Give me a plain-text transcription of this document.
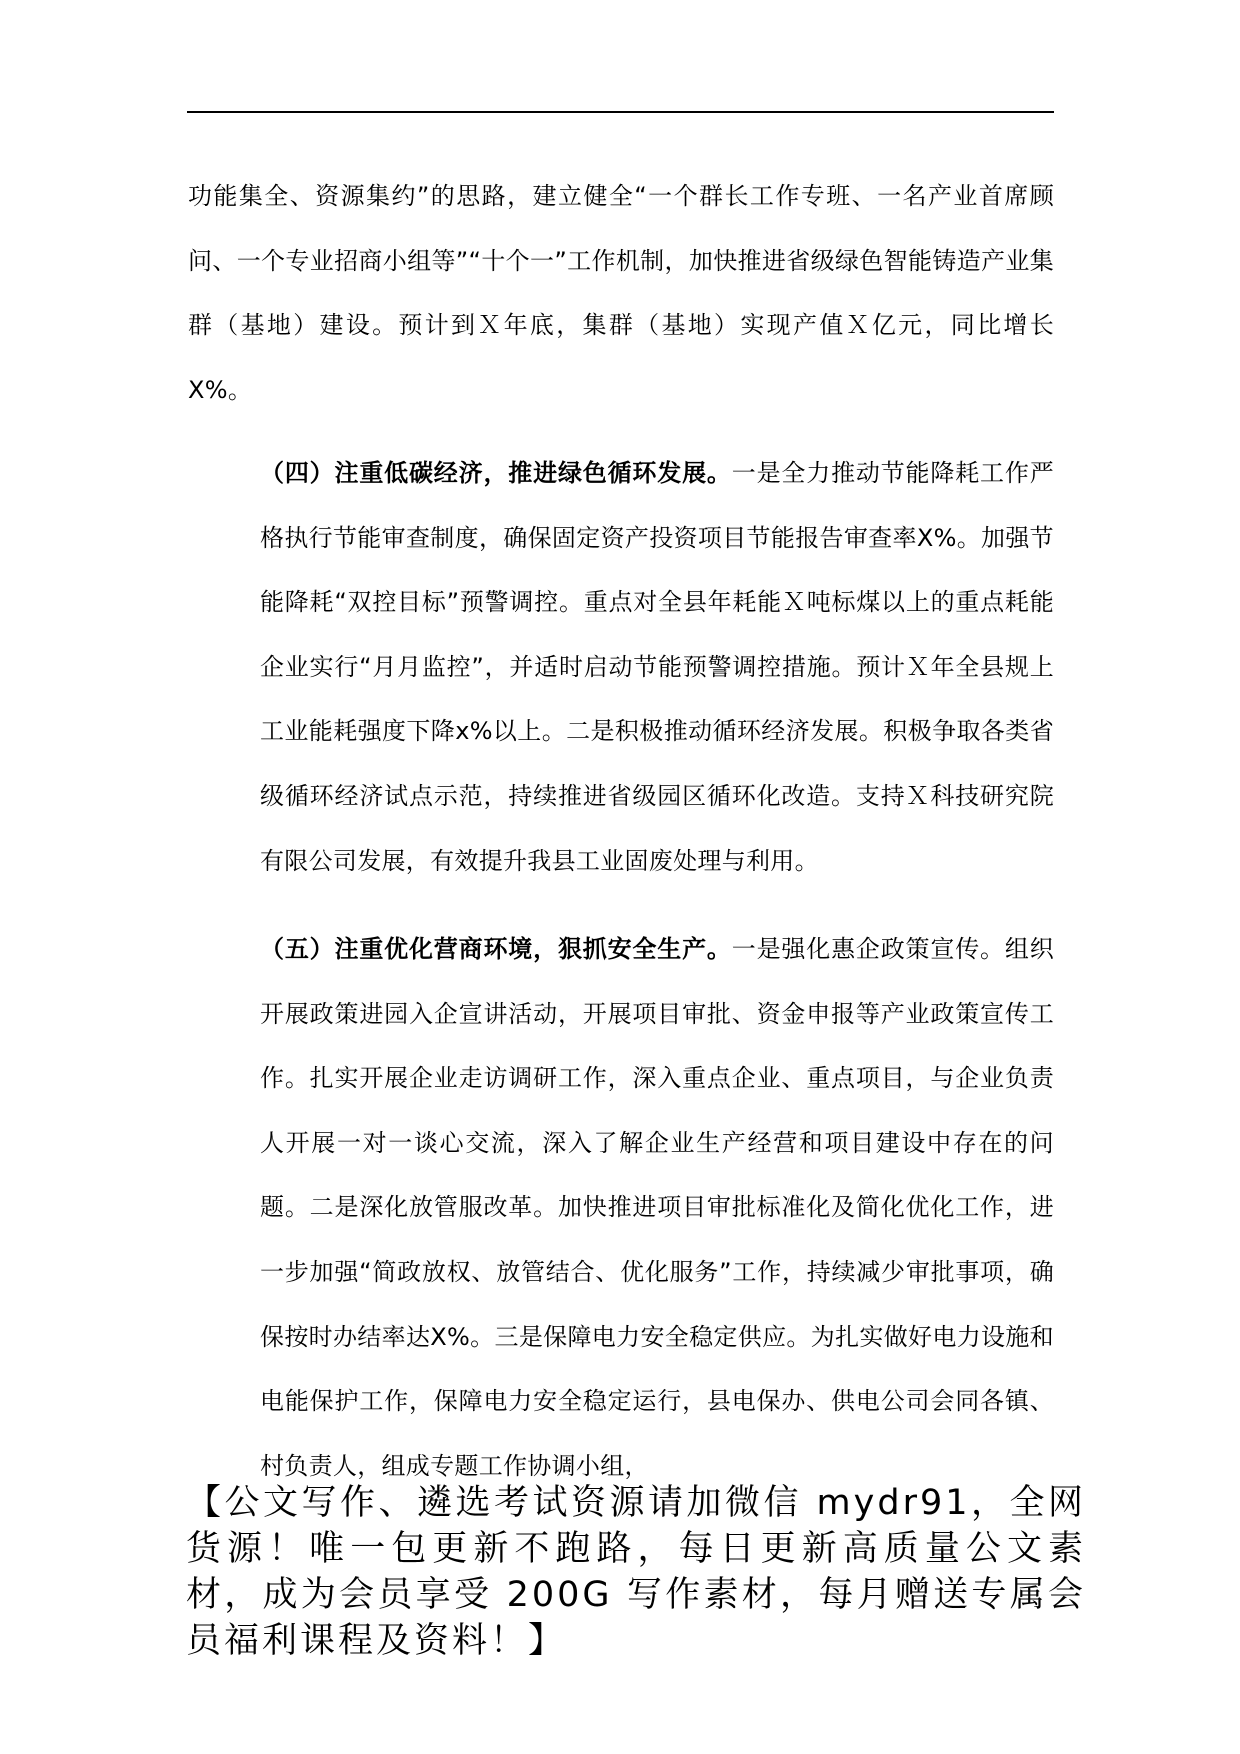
功能集全、资源集约”的思路，建立健全“一个群长工作专班、一名产业首席顾问、一个专业招商小组等”“十个一”工作机制，加快推进省级绿色智能铸造产业集群（基地）建设。预计到Ｘ年底，集群（基地）实现产值Ｘ亿元，同比增长X%。

（四）注重低碳经济，推进绿色循环发展。一是全力推动节能降耗工作严格执行节能审查制度，确保固定资产投资项目节能报告审查率X%。加强节能降耗“双控目标”预警调控。重点对全县年耗能Ｘ吨标煤以上的重点耗能企业实行“月月监控”，并适时启动节能预警调控措施。预计Ｘ年全县规上工业能耗强度下降x%以上。二是积极推动循环经济发展。积极争取各类省级循环经济试点示范，持续推进省级园区循环化改造。支持Ｘ科技研究院有限公司发展，有效提升我县工业固废处理与利用。

（五）注重优化营商环境，狠抓安全生产。一是强化惠企政策宣传。组织开展政策进园入企宣讲活动，开展项目审批、资金申报等产业政策宣传工作。扎实开展企业走访调研工作，深入重点企业、重点项目，与企业负责人开展一对一谈心交流，深入了解企业生产经营和项目建设中存在的问题。二是深化放管服改革。加快推进项目审批标准化及简化优化工作，进一步加强“简政放权、放管结合、优化服务”工作，持续减少审批事项，确保按时办结率达X%。三是保障电力安全稳定供应。为扎实做好电力设施和电能保护工作，保障电力安全稳定运行，县电保办、供电公司会同各镇、村负责人，组成专题工作协调小组，

【公文写作、遴选考试资源请加微信 mydr91，全网货源！唯一包更新不跑路，每日更新高质量公文素材，成为会员享受 200G 写作素材，每月赠送专属会员福利课程及资料！】
